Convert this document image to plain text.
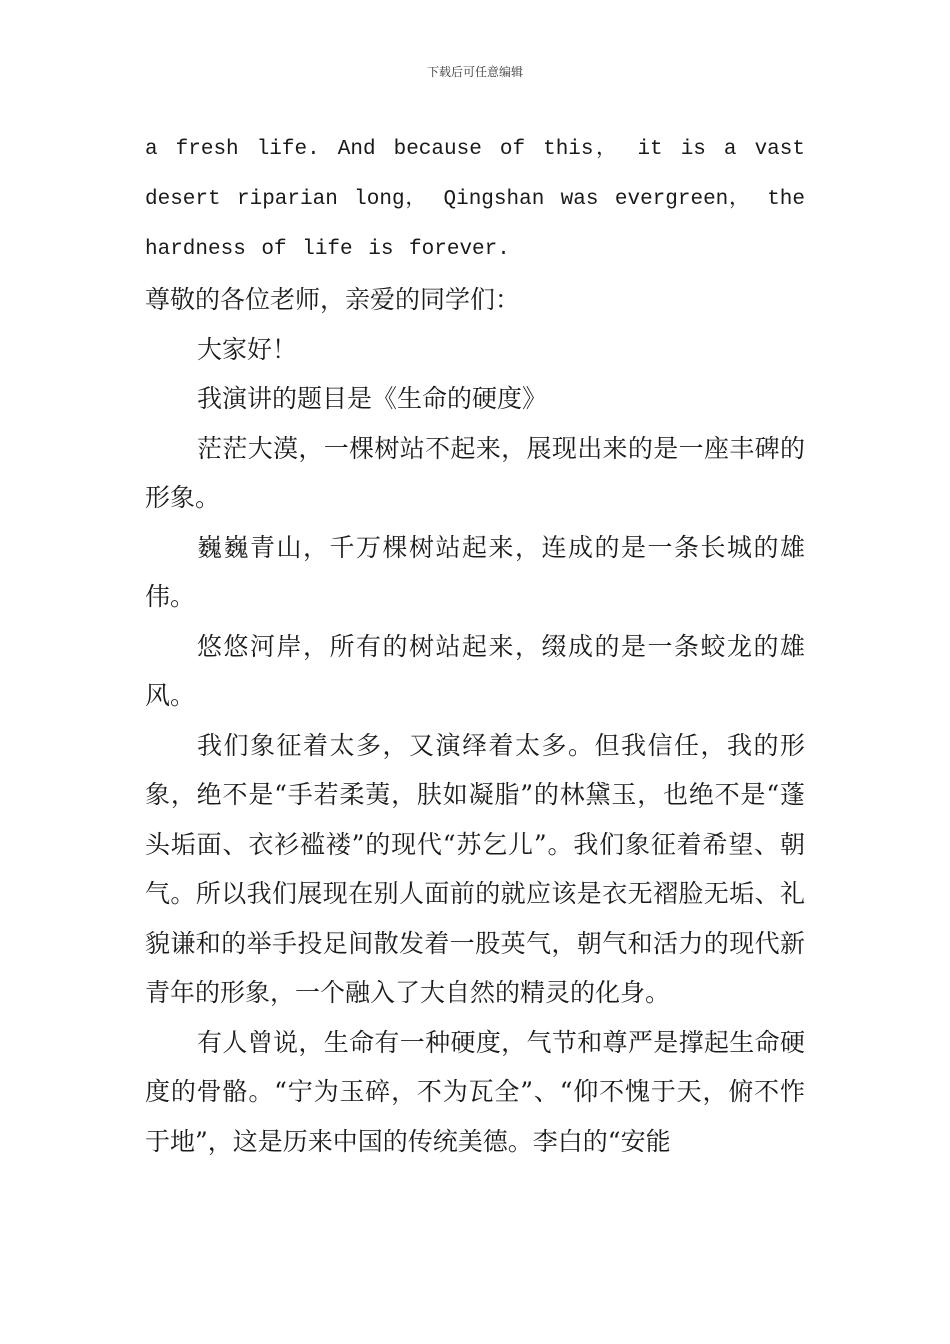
下载后可任意编辑

a fresh life. And because of this， it is a vast desert riparian long， Qingshan was evergreen， the hardness of life is forever.

尊敬的各位老师，亲爱的同学们：

大家好！

我演讲的题目是《生命的硬度》

茫茫大漠，一棵树站不起来，展现出来的是一座丰碑的形象。

巍巍青山，千万棵树站起来，连成的是一条长城的雄伟。

悠悠河岸，所有的树站起来，缀成的是一条蛟龙的雄风。

我们象征着太多，又演绎着太多。但我信任，我的形象，绝不是“手若柔荑，肤如凝脂”的林黛玉，也绝不是“蓬头垢面、衣衫褴褛”的现代“苏乞儿”。我们象征着希望、朝气。所以我们展现在别人面前的就应该是衣无褶脸无垢、礼貌谦和的举手投足间散发着一股英气，朝气和活力的现代新青年的形象，一个融入了大自然的精灵的化身。

有人曾说，生命有一种硬度，气节和尊严是撑起生命硬度的骨骼。“宁为玉碎，不为瓦全”、“仰不愧于天，俯不怍于地”，这是历来中国的传统美德。李白的“安能
